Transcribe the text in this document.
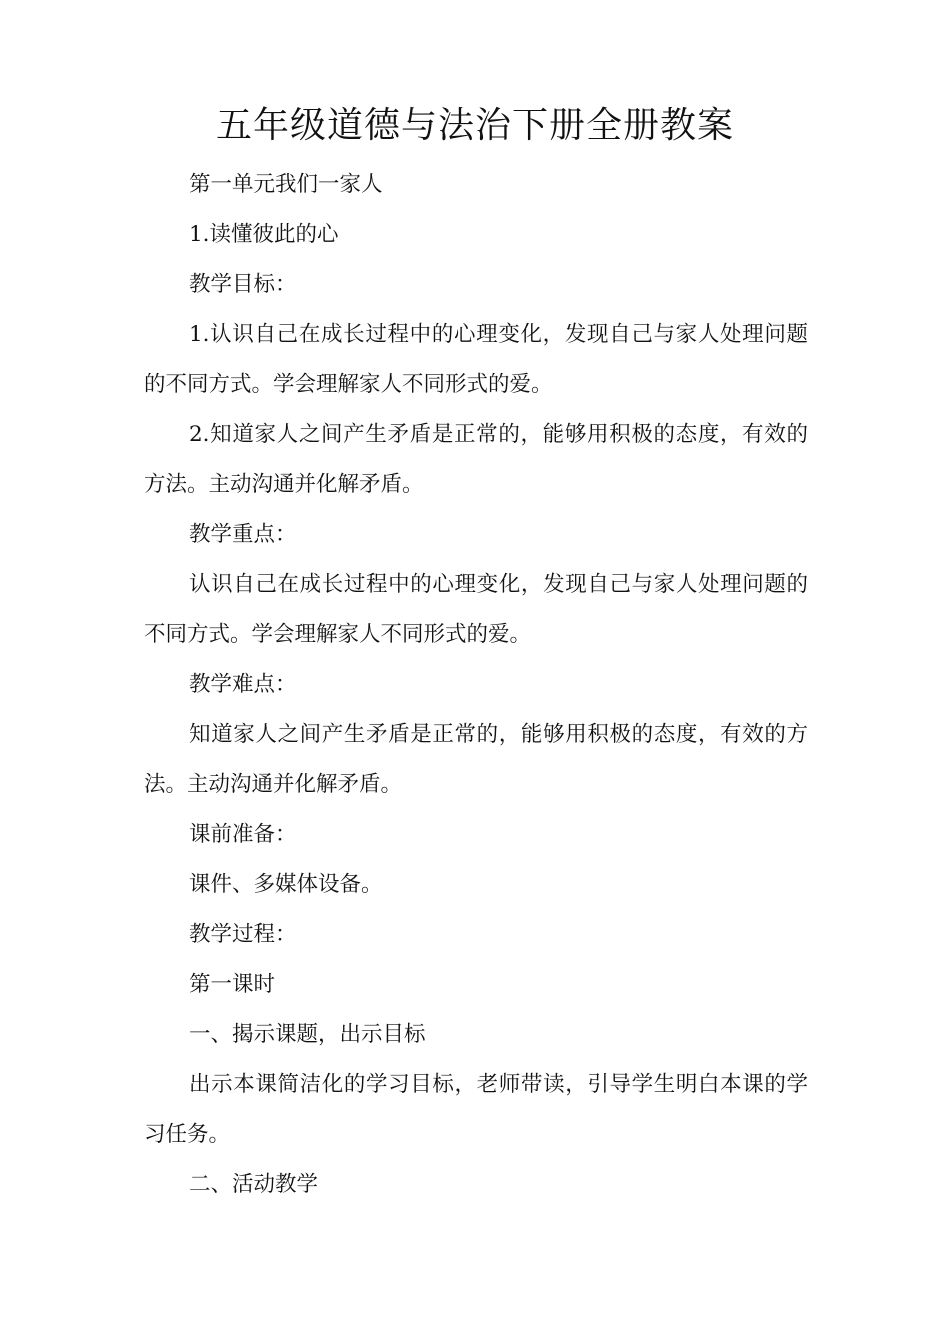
五年级道德与法治下册全册教案

第一单元我们一家人

1.读懂彼此的心

教学目标：

1.认识自己在成长过程中的心理变化，发现自己与家人处理问题的不同方式。学会理解家人不同形式的爱。

2.知道家人之间产生矛盾是正常的，能够用积极的态度，有效的方法。主动沟通并化解矛盾。

教学重点：

认识自己在成长过程中的心理变化，发现自己与家人处理问题的不同方式。学会理解家人不同形式的爱。

教学难点：

知道家人之间产生矛盾是正常的，能够用积极的态度，有效的方法。主动沟通并化解矛盾。

课前准备：

课件、多媒体设备。

教学过程：

第一课时

一、揭示课题，出示目标

出示本课简洁化的学习目标，老师带读，引导学生明白本课的学习任务。

二、活动教学
